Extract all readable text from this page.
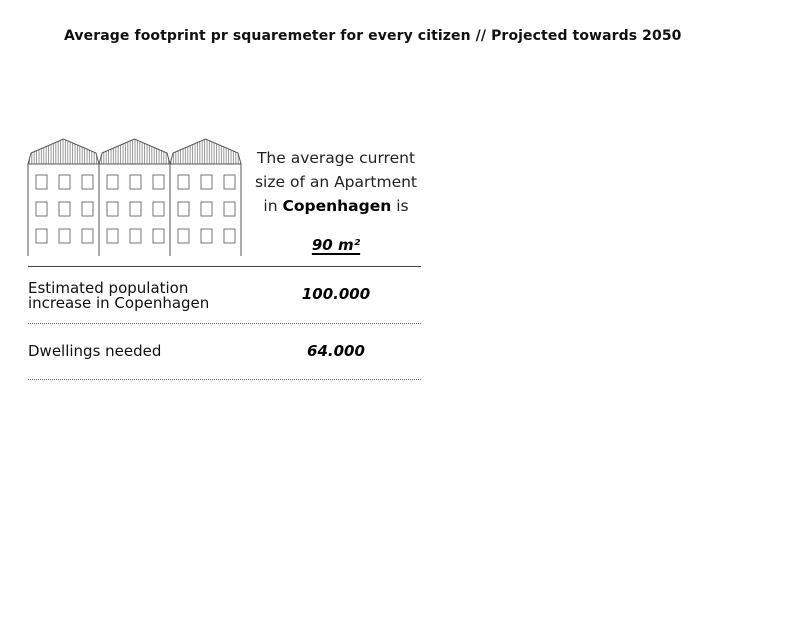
Average footprint pr squaremeter for every citizen // Projected towards 2050
The average current
size of an Apartment
in Copenhagen is
90 m²
Estimated population
increase in Copenhagen	100.000
Dwellings needed	64.000
